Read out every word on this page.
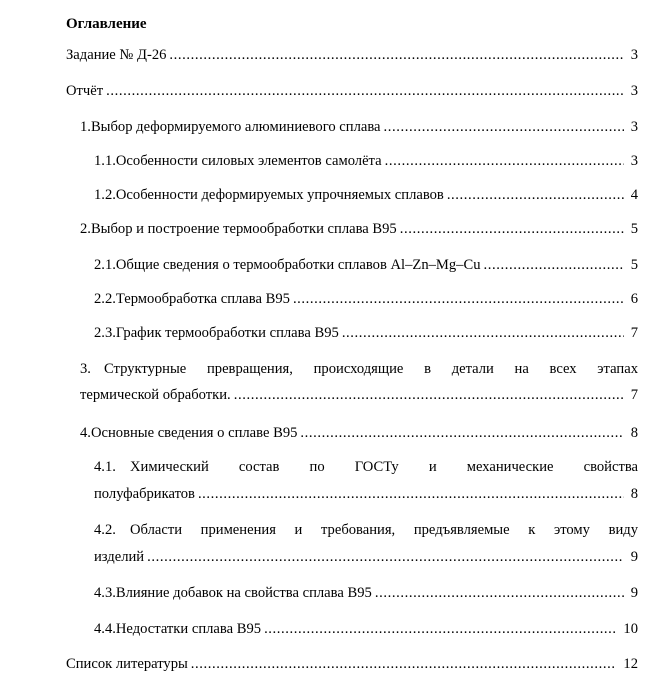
Оглавление
Задание № Д-26 .....	3
Отчёт .....	3
1. Выбор деформируемого алюминиевого сплава .....	3
1.1. Особенности силовых элементов самолёта .....	3
1.2. Особенности деформируемых упрочняемых сплавов .....	4
2. Выбор и построение термообработки сплава В95 .....	5
2.1. Общие сведения о термообработки сплавов Al–Zn–Mg–Cu .....	5
2.2. Термообработка сплава В95 .....	6
2.3. График термообработки сплава В95 .....	7
3. Структурные превращения, происходящие в детали на всех этапах
термической обработки. .....	7
4. Основные сведения о сплаве В95 .....	8
4.1. Химический состав по ГОСТу и механические свойства
полуфабрикатов .....	8
4.2. Области применения и требования, предъявляемые к этому виду
изделий .....	9
4.3. Влияние добавок на свойства сплава В95 .....	9
4.4. Недостатки сплава В95 .....	10
Список литературы .....	12
